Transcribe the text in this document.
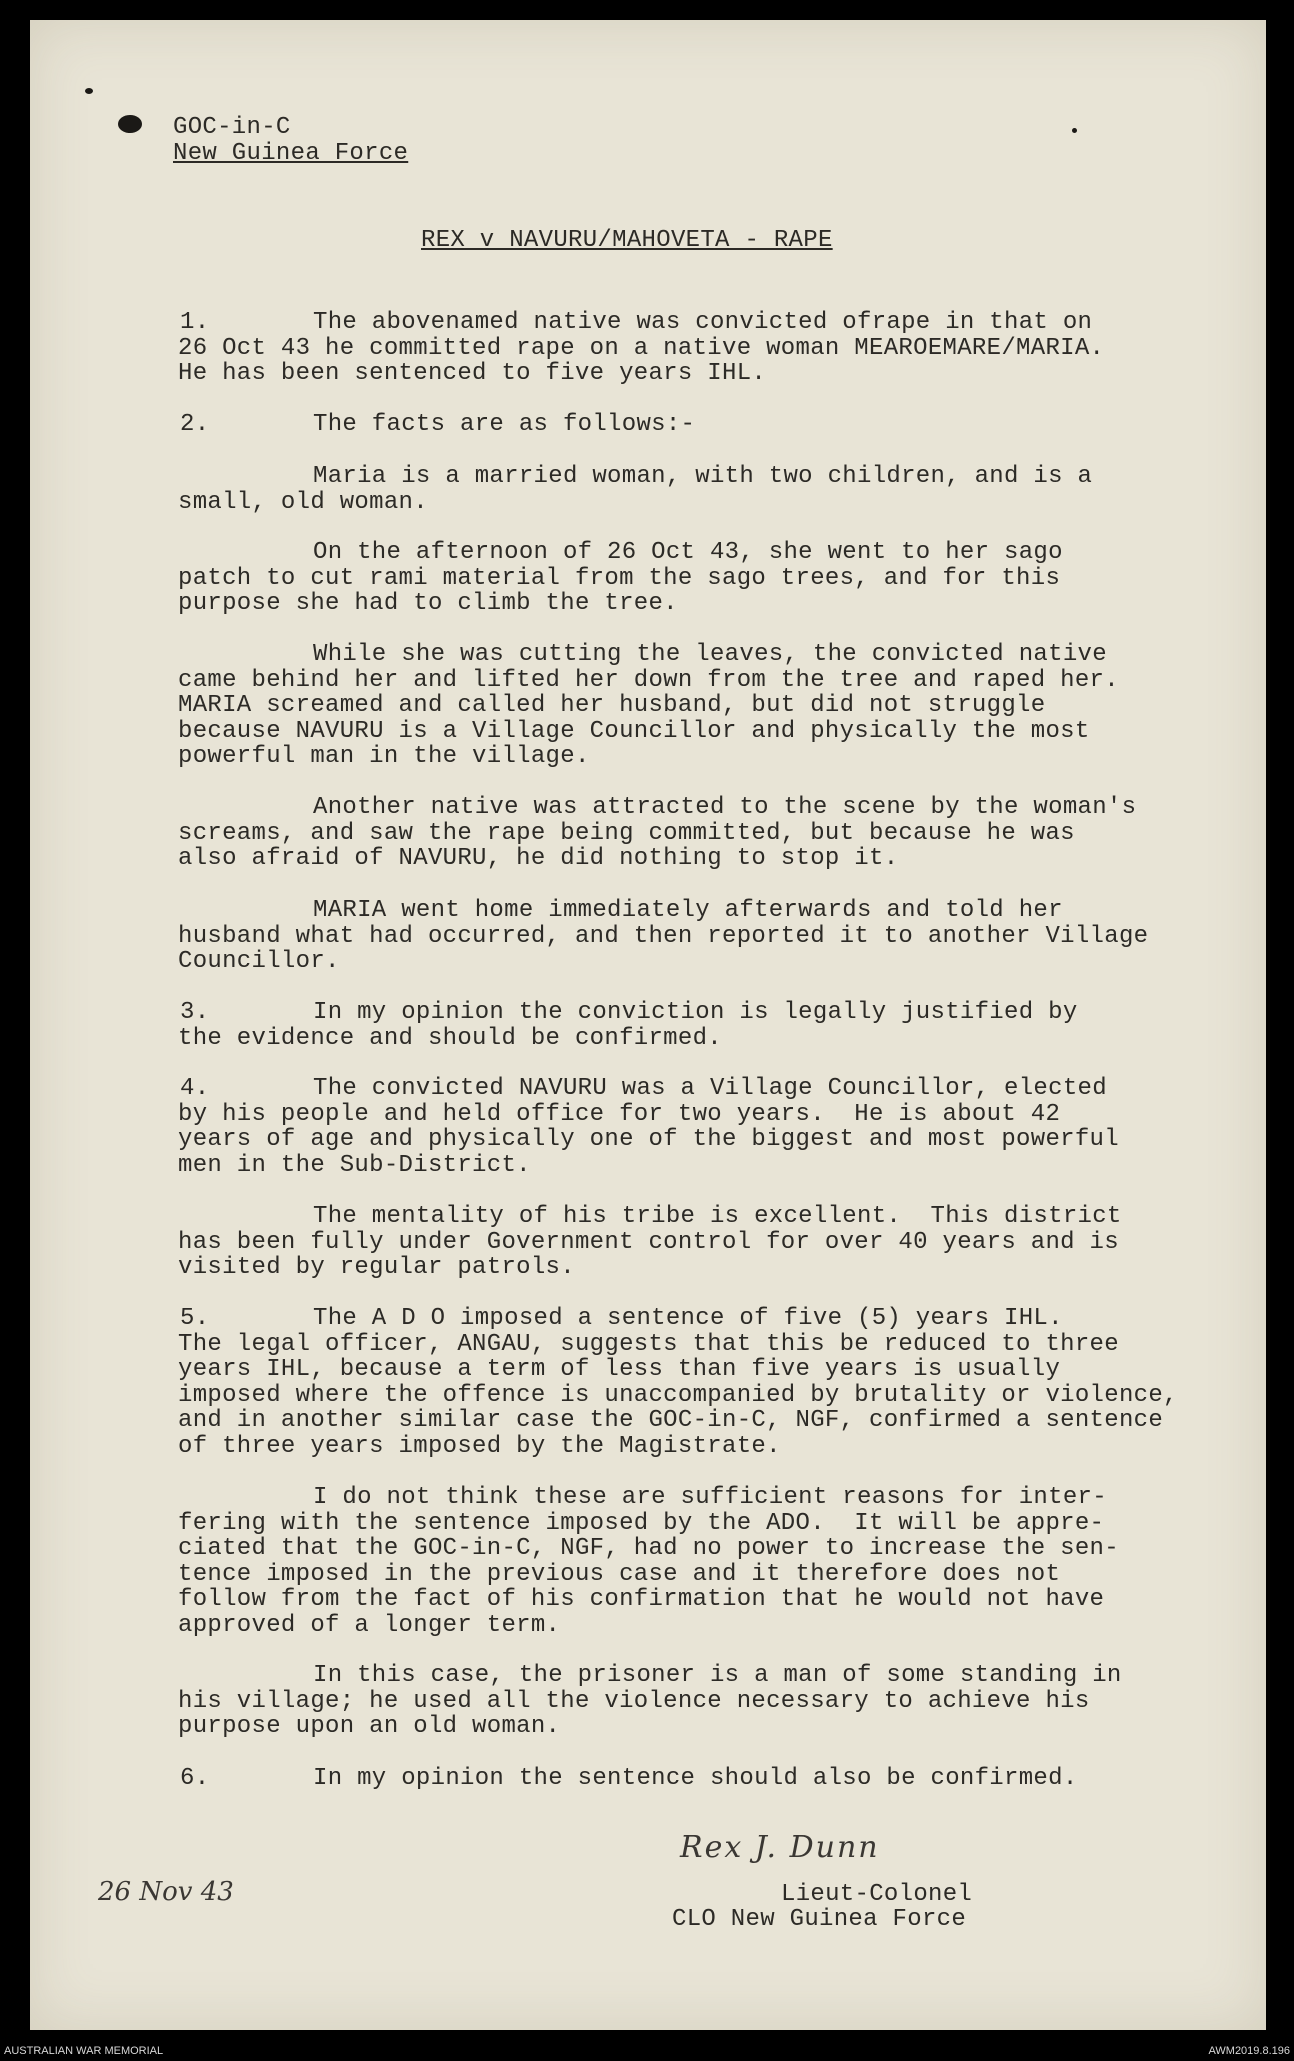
GOC-in-C
New Guinea Force
REX v NAVURU/MAHOVETA - RAPE
1.	The abovenamed native was convicted ofrape in that on
26 Oct 43 he committed rape on a native woman MEAROEMARE/MARIA.
He has been sentenced to five years IHL.
2.	The facts are as follows:-
Maria is a married woman, with two children, and is a
small, old woman.
On the afternoon of 26 Oct 43, she went to her sago
patch to cut rami material from the sago trees, and for this
purpose she had to climb the tree.
While she was cutting the leaves, the convicted native
came behind her and lifted her down from the tree and raped her.
MARIA screamed and called her husband, but did not struggle
because NAVURU is a Village Councillor and physically the most
powerful man in the village.
Another native was attracted to the scene by the woman's
screams, and saw the rape being committed, but because he was
also afraid of NAVURU, he did nothing to stop it.
MARIA went home immediately afterwards and told her
husband what had occurred, and then reported it to another Village
Councillor.
3.	In my opinion the conviction is legally justified by
the evidence and should be confirmed.
4.	The convicted NAVURU was a Village Councillor, elected
by his people and held office for two years.  He is about 42
years of age and physically one of the biggest and most powerful
men in the Sub-District.
The mentality of his tribe is excellent.  This district
has been fully under Government control for over 40 years and is
visited by regular patrols.
5.	The A D O imposed a sentence of five (5) years IHL.
The legal officer, ANGAU, suggests that this be reduced to three
years IHL, because a term of less than five years is usually
imposed where the offence is unaccompanied by brutality or violence,
and in another similar case the GOC-in-C, NGF, confirmed a sentence
of three years imposed by the Magistrate.
I do not think these are sufficient reasons for inter-
fering with the sentence imposed by the ADO.  It will be appre-
ciated that the GOC-in-C, NGF, had no power to increase the sen-
tence imposed in the previous case and it therefore does not
follow from the fact of his confirmation that he would not have
approved of a longer term.
In this case, the prisoner is a man of some standing in
his village; he used all the violence necessary to achieve his
purpose upon an old woman.
6.	In my opinion the sentence should also be confirmed.
Rex J. Dunn
Lieut-Colonel
CLO New Guinea Force
26 Nov 43
AUSTRALIAN WAR MEMORIAL	AWM2019.8.196
